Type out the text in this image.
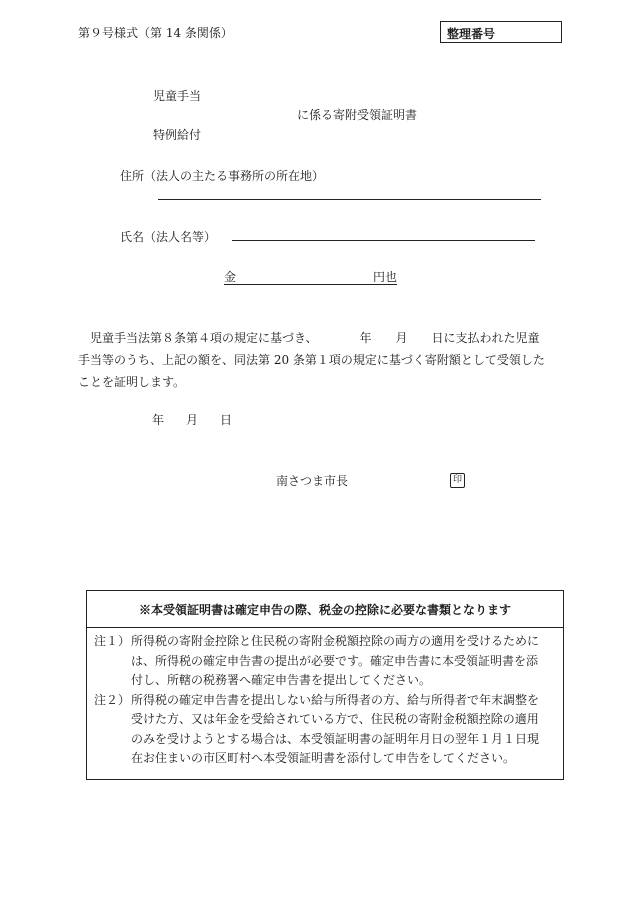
第９号様式（第 14 条関係）	整理番号
児童手当
に係る寄附受領証明書
特例給付
住所（法人の主たる事務所の所在地）
氏名（法人名等）
金	円也
　児童手当法第８条第４項の規定に基づき、　　　　年　　月　　日に支払われた児童
手当等のうち、上記の額を、同法第 20 条第１項の規定に基づく寄附額として受領した
ことを証明します。
年 月 日
南さつま市長	印
※本受領証明書は確定申告の際、税金の控除に必要な書類となります
注１） 所得税の寄附金控除と住民税の寄附金税額控除の両方の適用を受けるために
は、所得税の確定申告書の提出が必要です。確定申告書に本受領証明書を添
付し、所轄の税務署へ確定申告書を提出してください。
注２） 所得税の確定申告書を提出しない給与所得者の方、給与所得者で年末調整を
受けた方、又は年金を受給されている方で、住民税の寄附金税額控除の適用
のみを受けようとする場合は、本受領証明書の証明年月日の翌年１月１日現
在お住まいの市区町村へ本受領証明書を添付して申告をしてください。
